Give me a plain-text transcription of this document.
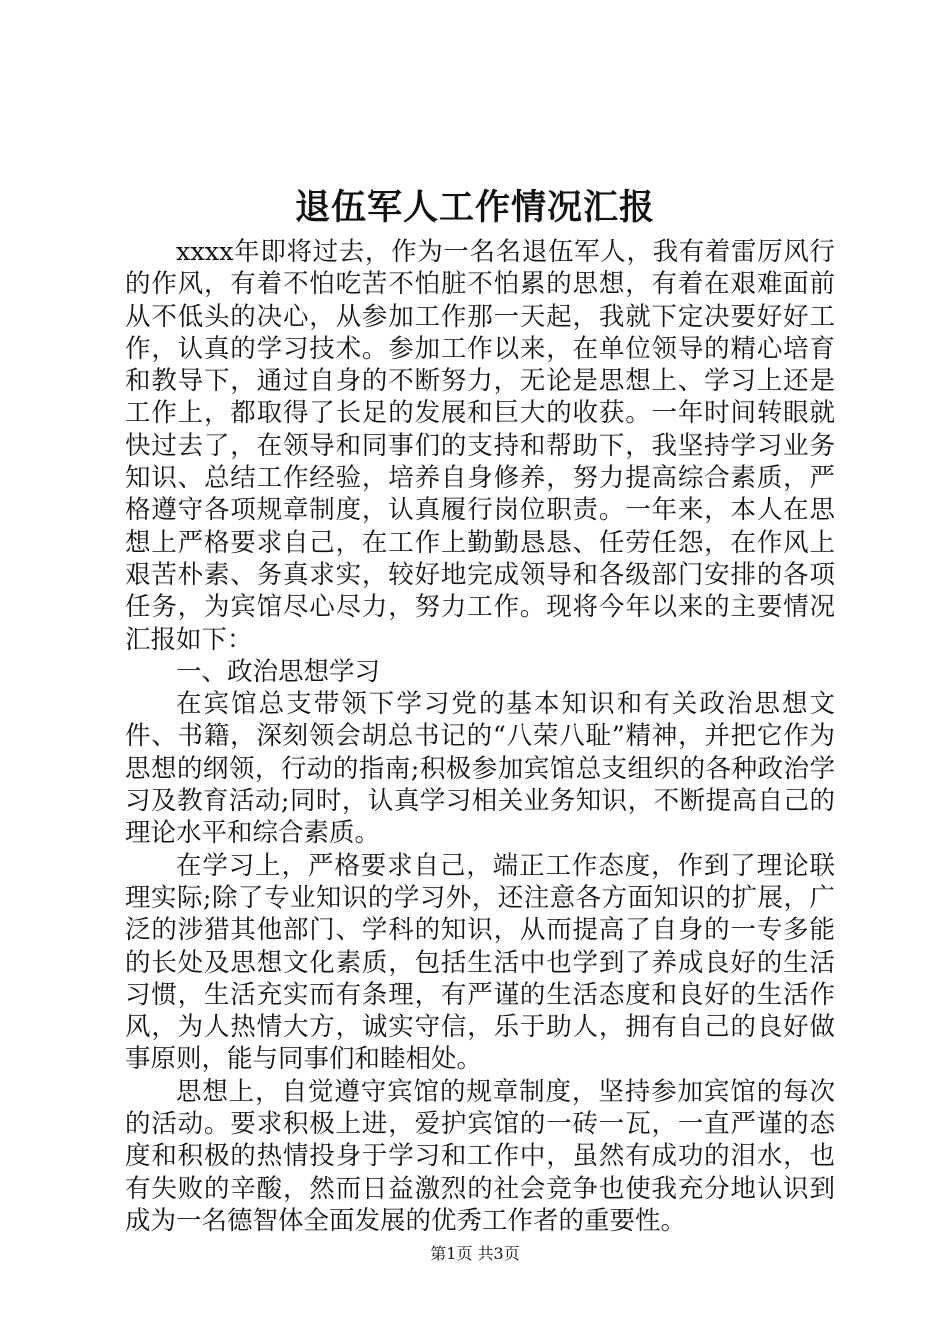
退伍军人工作情况汇报

xxxx年即将过去，作为一名名退伍军人，我有着雷厉风行的作风，有着不怕吃苦不怕脏不怕累的思想，有着在艰难面前从不低头的决心，从参加工作那一天起，我就下定决要好好工作，认真的学习技术。参加工作以来，在单位领导的精心培育和教导下，通过自身的不断努力，无论是思想上、学习上还是工作上，都取得了长足的发展和巨大的收获。一年时间转眼就快过去了，在领导和同事们的支持和帮助下，我坚持学习业务知识、总结工作经验，培养自身修养，努力提高综合素质，严格遵守各项规章制度，认真履行岗位职责。一年来，本人在思想上严格要求自己，在工作上勤勤恳恳、任劳任怨，在作风上艰苦朴素、务真求实，较好地完成领导和各级部门安排的各项任务，为宾馆尽心尽力，努力工作。现将今年以来的主要情况汇报如下：

一、政治思想学习

在宾馆总支带领下学习党的基本知识和有关政治思想文件、书籍，深刻领会胡总书记的“八荣八耻”精神，并把它作为思想的纲领，行动的指南;积极参加宾馆总支组织的各种政治学习及教育活动;同时，认真学习相关业务知识，不断提高自己的理论水平和综合素质。

在学习上，严格要求自己，端正工作态度，作到了理论联理实际;除了专业知识的学习外，还注意各方面知识的扩展，广泛的涉猎其他部门、学科的知识，从而提高了自身的一专多能的长处及思想文化素质，包括生活中也学到了养成良好的生活习惯，生活充实而有条理，有严谨的生活态度和良好的生活作风，为人热情大方，诚实守信，乐于助人，拥有自己的良好做事原则，能与同事们和睦相处。

思想上，自觉遵守宾馆的规章制度，坚持参加宾馆的每次的活动。要求积极上进，爱护宾馆的一砖一瓦，一直严谨的态度和积极的热情投身于学习和工作中，虽然有成功的泪水，也有失败的辛酸，然而日益激烈的社会竞争也使我充分地认识到成为一名德智体全面发展的优秀工作者的重要性。

第1页 共3页
